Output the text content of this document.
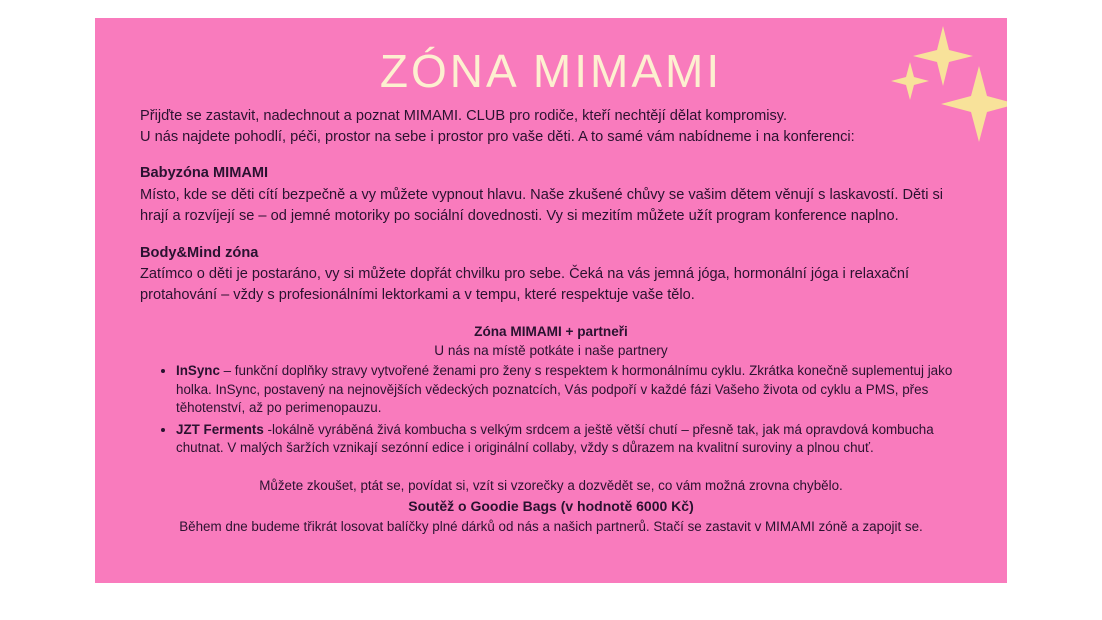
ZÓNA MIMAMI

Přijďte se zastavit, nadechnout a poznat MIMAMI. CLUB pro rodiče, kteří nechtějí dělat kompromisy.

U nás najdete pohodlí, péči, prostor na sebe i prostor pro vaše děti. A to samé vám nabídneme i na konferenci:

Babyzóna MIMAMI

Místo, kde se děti cítí bezpečně a vy můžete vypnout hlavu. Naše zkušené chůvy se vašim dětem věnují s laskavostí. Děti si hrají a rozvíjejí se – od jemné motoriky po sociální dovednosti. Vy si mezitím můžete užít program konference naplno.

Body&Mind zóna

Zatímco o děti je postaráno, vy si můžete dopřát chvilku pro sebe. Čeká na vás jemná jóga, hormonální jóga i relaxační protahování – vždy s profesionálními lektorkami a v tempu, které respektuje vaše tělo.

Zóna MIMAMI + partneři

U nás na místě potkáte i naše partnery

• InSync – funkční doplňky stravy vytvořené ženami pro ženy s respektem k hormonálnímu cyklu. Zkrátka konečně suplementuj jako holka. InSync, postavený na nejnovějších vědeckých poznatcích, Vás podpoří v každé fázi Vašeho života od cyklu a PMS, přes těhotenství, až po perimenopauzu.
• JZT Ferments -lokálně vyráběná živá kombucha s velkým srdcem a ještě větší chutí – přesně tak, jak má opravdová kombucha chutnat. V malých šaržích vznikají sezónní edice i originální collaby, vždy s důrazem na kvalitní suroviny a plnou chuť.
Můžete zkoušet, ptát se, povídat si, vzít si vzorečky a dozvědět se, co vám možná zrovna chybělo.
Soutěž o Goodie Bags (v hodnotě 6000 Kč)
Během dne budeme třikrát losovat balíčky plné dárků od nás a našich partnerů. Stačí se zastavit v MIMAMI zóně a zapojit se.
